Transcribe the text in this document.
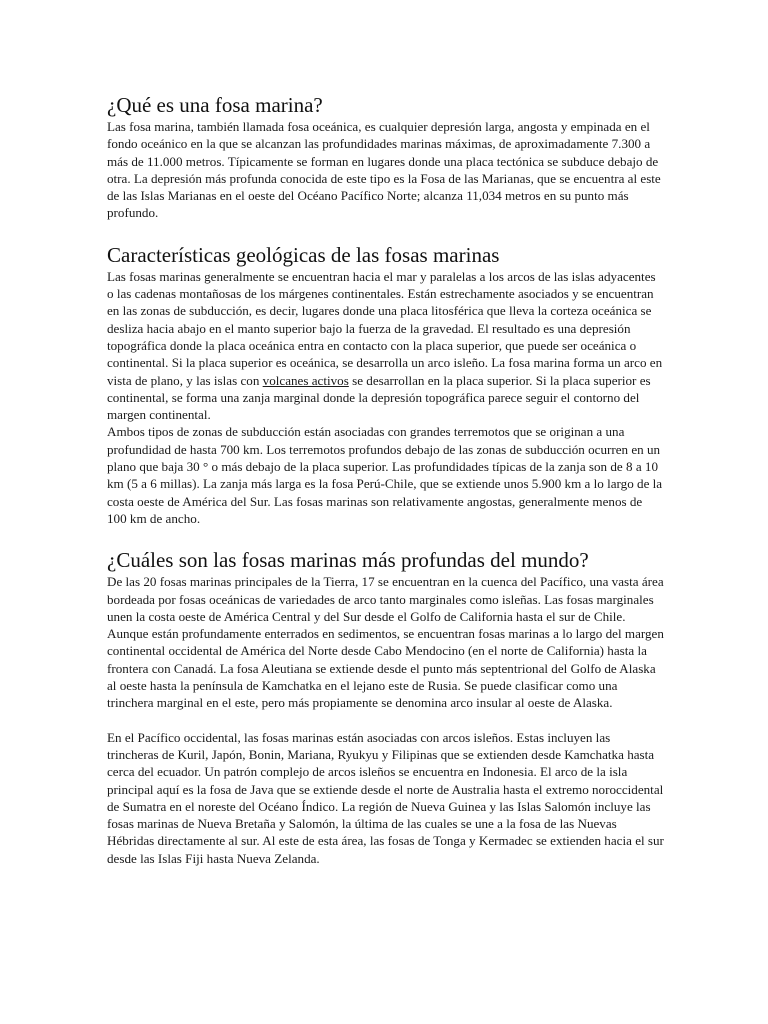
¿Qué es una fosa marina?

Las fosa marina, también llamada fosa oceánica, es cualquier depresión larga, angosta y empinada en el fondo oceánico en la que se alcanzan las profundidades marinas máximas, de aproximadamente 7.300 a más de 11.000 metros. Típicamente se forman en lugares donde una placa tectónica se subduce debajo de otra. La depresión más profunda conocida de este tipo es la Fosa de las Marianas, que se encuentra al este de las Islas Marianas en el oeste del Océano Pacífico Norte; alcanza 11,034 metros en su punto más profundo.

Características geológicas de las fosas marinas

Las fosas marinas generalmente se encuentran hacia el mar y paralelas a los arcos de las islas adyacentes o las cadenas montañosas de los márgenes continentales. Están estrechamente asociados y se encuentran en las zonas de subducción, es decir, lugares donde una placa litosférica que lleva la corteza oceánica se desliza hacia abajo en el manto superior bajo la fuerza de la gravedad. El resultado es una depresión topográfica donde la placa oceánica entra en contacto con la placa superior, que puede ser oceánica o continental. Si la placa superior es oceánica, se desarrolla un arco isleño. La fosa marina forma un arco en vista de plano, y las islas con volcanes activos se desarrollan en la placa superior. Si la placa superior es continental, se forma una zanja marginal donde la depresión topográfica parece seguir el contorno del margen continental.

Ambos tipos de zonas de subducción están asociadas con grandes terremotos que se originan a una profundidad de hasta 700 km. Los terremotos profundos debajo de las zonas de subducción ocurren en un plano que baja 30 ° o más debajo de la placa superior. Las profundidades típicas de la zanja son de 8 a 10 km (5 a 6 millas). La zanja más larga es la fosa Perú-Chile, que se extiende unos 5.900 km a lo largo de la costa oeste de América del Sur. Las fosas marinas son relativamente angostas, generalmente menos de 100 km de ancho.

¿Cuáles son las fosas marinas más profundas del mundo?

De las 20 fosas marinas principales de la Tierra, 17 se encuentran en la cuenca del Pacífico, una vasta área bordeada por fosas oceánicas de variedades de arco tanto marginales como isleñas. Las fosas marginales unen la costa oeste de América Central y del Sur desde el Golfo de California hasta el sur de Chile. Aunque están profundamente enterrados en sedimentos, se encuentran fosas marinas a lo largo del margen continental occidental de América del Norte desde Cabo Mendocino (en el norte de California) hasta la frontera con Canadá. La fosa Aleutiana se extiende desde el punto más septentrional del Golfo de Alaska al oeste hasta la península de Kamchatka en el lejano este de Rusia. Se puede clasificar como una trinchera marginal en el este, pero más propiamente se denomina arco insular al oeste de Alaska.

En el Pacífico occidental, las fosas marinas están asociadas con arcos isleños. Estas incluyen las trincheras de Kuril, Japón, Bonin, Mariana, Ryukyu y Filipinas que se extienden desde Kamchatka hasta cerca del ecuador. Un patrón complejo de arcos isleños se encuentra en Indonesia. El arco de la isla principal aquí es la fosa de Java que se extiende desde el norte de Australia hasta el extremo noroccidental de Sumatra en el noreste del Océano Índico. La región de Nueva Guinea y las Islas Salomón incluye las fosas marinas de Nueva Bretaña y Salomón, la última de las cuales se une a la fosa de las Nuevas Hébridas directamente al sur. Al este de esta área, las fosas de Tonga y Kermadec se extienden hacia el sur desde las Islas Fiji hasta Nueva Zelanda.
